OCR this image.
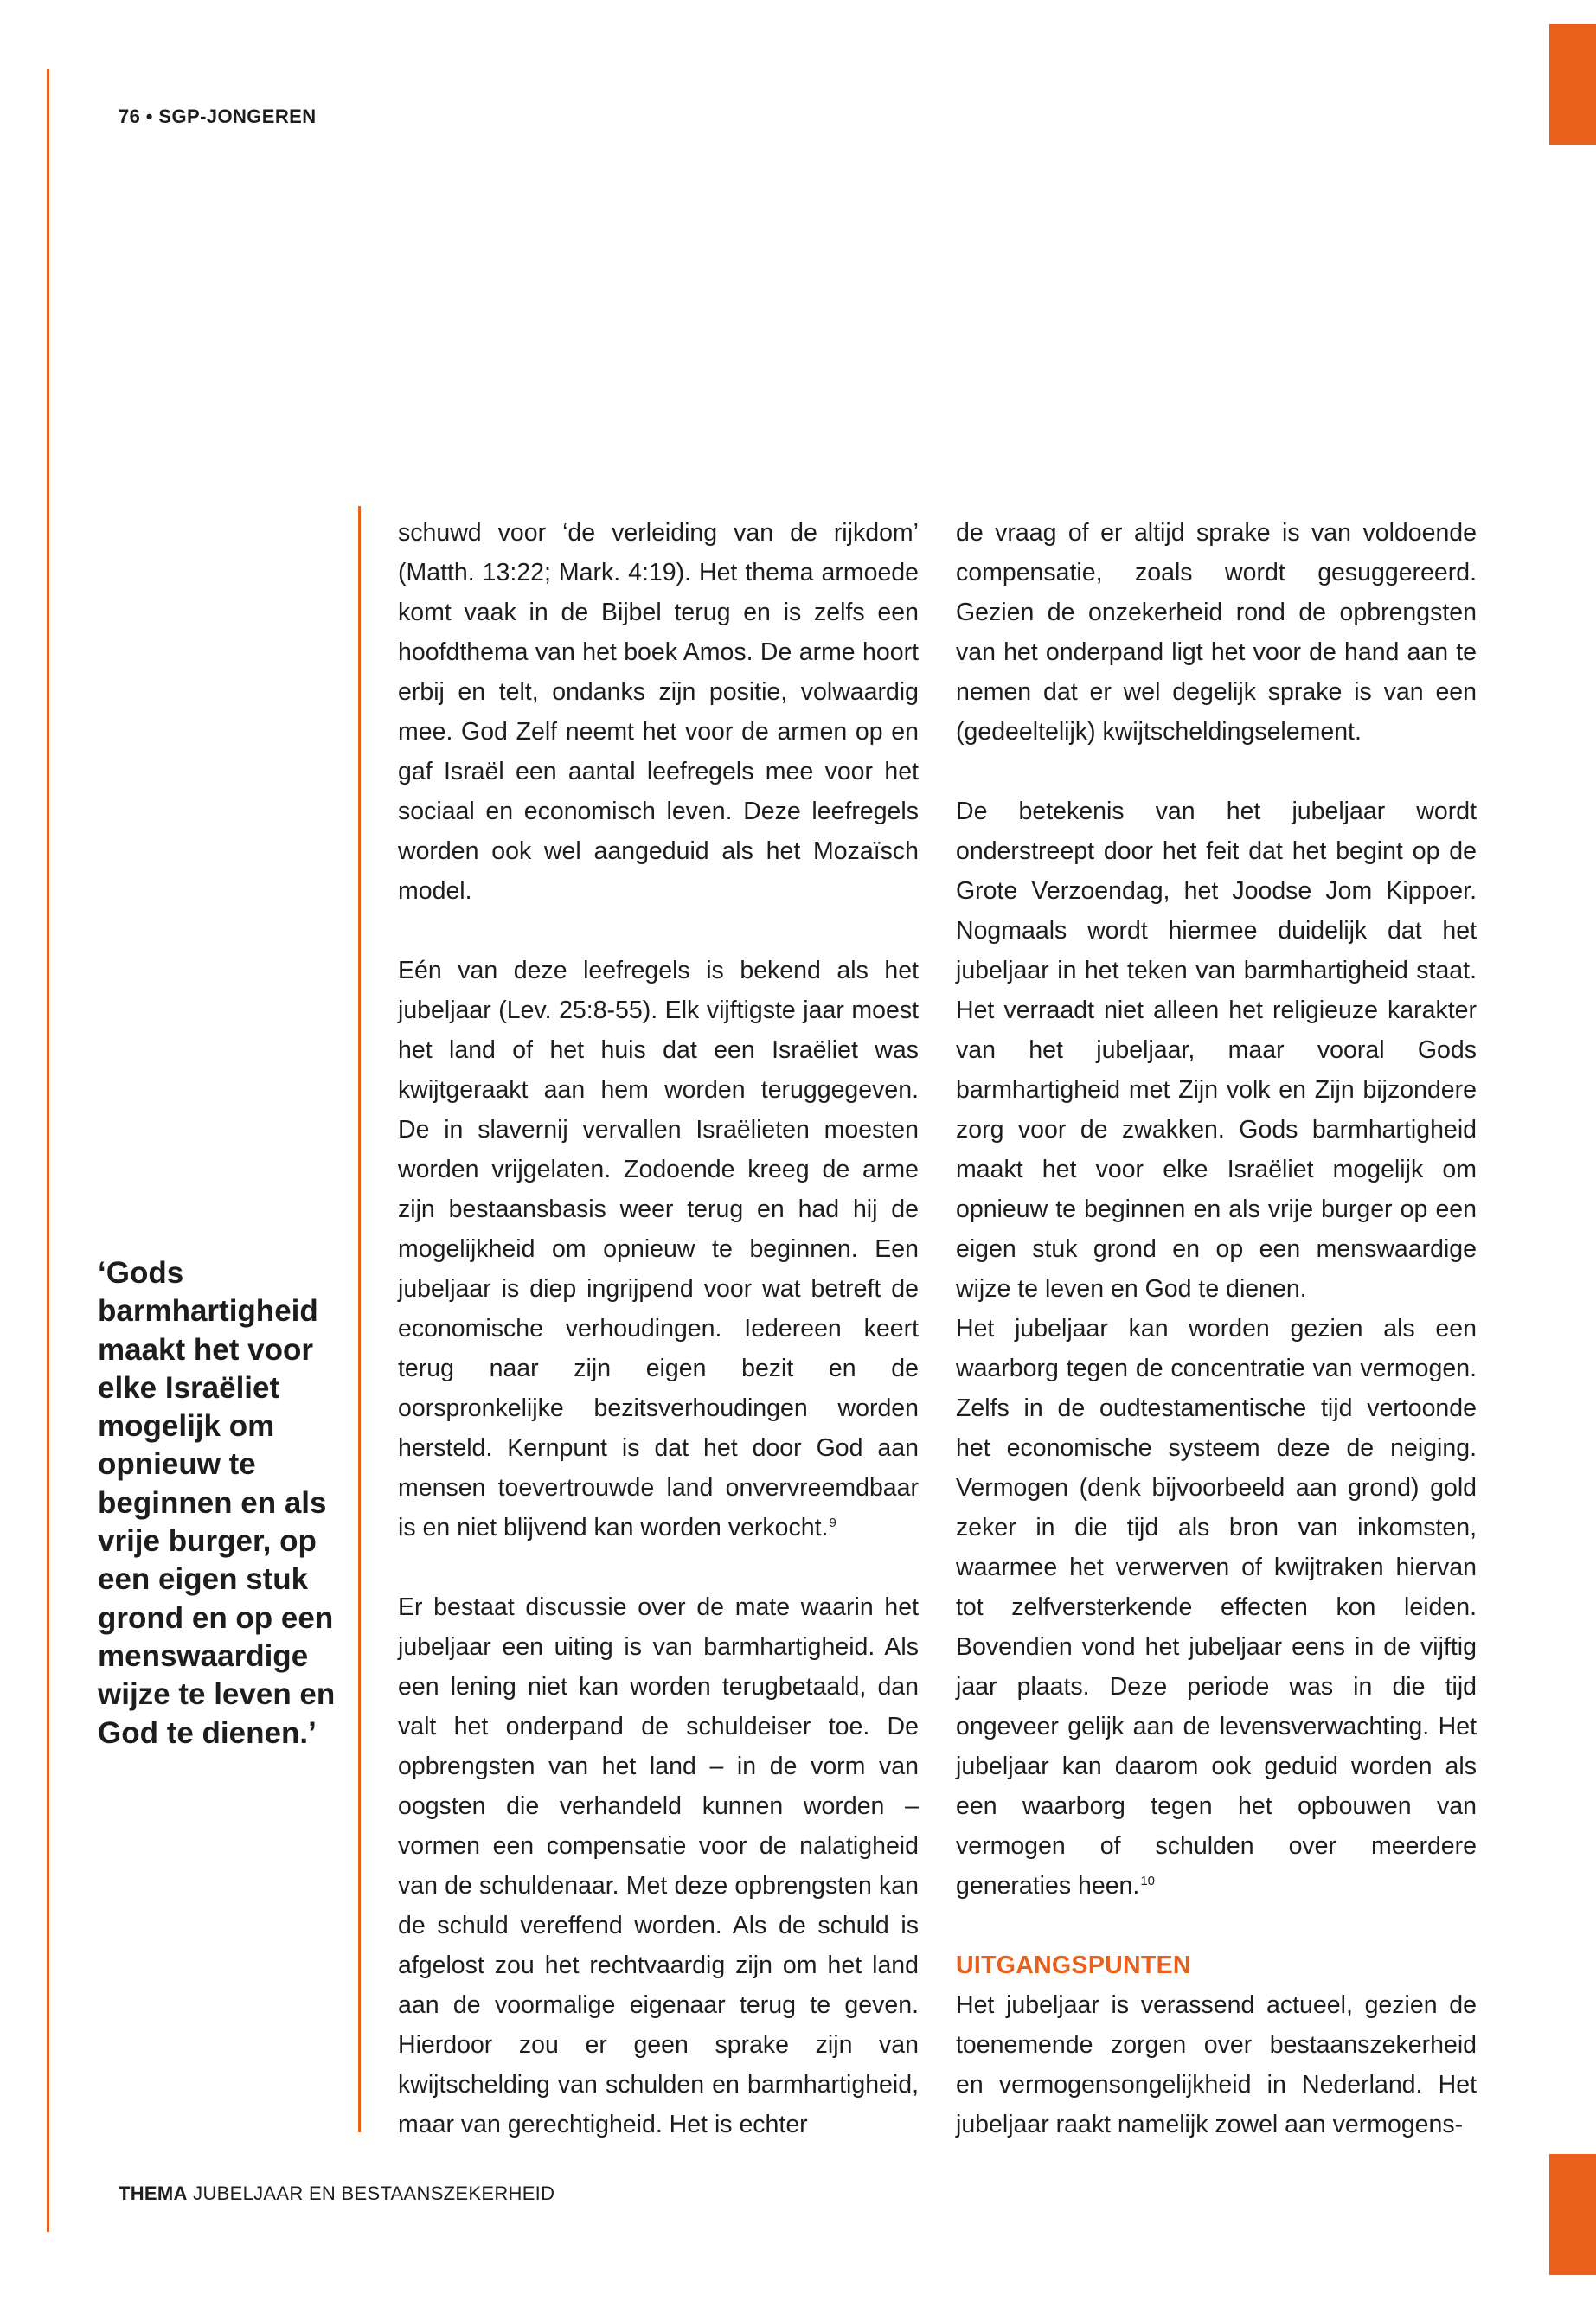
76 • SGP-JONGEREN
‘Gods barmhartigheid maakt het voor elke Israëliet mogelijk om opnieuw te beginnen en als vrije burger, op een eigen stuk grond en op een menswaardige wijze te leven en God te dienen.’

schuwd voor ‘de verleiding van de rijkdom’ (Matth. 13:22; Mark. 4:19). Het thema armoede komt vaak in de Bijbel terug en is zelfs een hoofdthema van het boek Amos. De arme hoort erbij en telt, ondanks zijn positie, volwaardig mee. God Zelf neemt het voor de armen op en gaf Israël een aantal leefregels mee voor het sociaal en economisch leven. Deze leefregels worden ook wel aangeduid als het Mozaïsch model.

Eén van deze leefregels is bekend als het jubeljaar (Lev. 25:8-55). Elk vijftigste jaar moest het land of het huis dat een Israëliet was kwijtgeraakt aan hem worden teruggegeven. De in slavernij vervallen Israëlieten moesten worden vrijgelaten. Zodoende kreeg de arme zijn bestaansbasis weer terug en had hij de mogelijkheid om opnieuw te beginnen. Een jubeljaar is diep ingrijpend voor wat betreft de economische verhoudingen. Iedereen keert terug naar zijn eigen bezit en de oorspronkelijke bezitsverhoudingen worden hersteld. Kernpunt is dat het door God aan mensen toevertrouwde land onvervreemdbaar is en niet blijvend kan worden verkocht.$^9$

Er bestaat discussie over de mate waarin het jubeljaar een uiting is van barmhartigheid. Als een lening niet kan worden terugbetaald, dan valt het onderpand de schuldeiser toe. De opbrengsten van het land – in de vorm van oogsten die verhandeld kunnen worden – vormen een compensatie voor de nalatigheid van de schuldenaar. Met deze opbrengsten kan de schuld vereffend worden. Als de schuld is afgelost zou het rechtvaardig zijn om het land aan de voormalige eigenaar terug te geven. Hierdoor zou er geen sprake zijn van kwijtschelding van schulden en barmhartigheid, maar van gerechtigheid. Het is echter

de vraag of er altijd sprake is van voldoende compensatie, zoals wordt gesuggereerd. Gezien de onzekerheid rond de opbrengsten van het onderpand ligt het voor de hand aan te nemen dat er wel degelijk sprake is van een (gedeeltelijk) kwijtscheldingselement.

De betekenis van het jubeljaar wordt onderstreept door het feit dat het begint op de Grote Verzoendag, het Joodse Jom Kippoer. Nogmaals wordt hiermee duidelijk dat het jubeljaar in het teken van barmhartigheid staat. Het verraadt niet alleen het religieuze karakter van het jubeljaar, maar vooral Gods barmhartigheid met Zijn volk en Zijn bijzondere zorg voor de zwakken. Gods barmhartigheid maakt het voor elke Israëliet mogelijk om opnieuw te beginnen en als vrije burger op een eigen stuk grond en op een menswaardige wijze te leven en God te dienen.

Het jubeljaar kan worden gezien als een waarborg tegen de concentratie van vermogen. Zelfs in de oudtestamentische tijd vertoonde het economische systeem deze de neiging. Vermogen (denk bijvoorbeeld aan grond) gold zeker in die tijd als bron van inkomsten, waarmee het verwerven of kwijtraken hiervan tot zelfversterkende effecten kon leiden. Bovendien vond het jubeljaar eens in de vijftig jaar plaats. Deze periode was in die tijd ongeveer gelijk aan de levensverwachting. Het jubeljaar kan daarom ook geduid worden als een waarborg tegen het opbouwen van vermogen of schulden over meerdere generaties heen.$^{10}$

UITGANGSPUNTEN

Het jubeljaar is verassend actueel, gezien de toenemende zorgen over bestaanszekerheid en vermogensongelijkheid in Nederland. Het jubeljaar raakt namelijk zowel aan vermogens-

THEMA JUBELJAAR EN BESTAANSZEKERHEID
